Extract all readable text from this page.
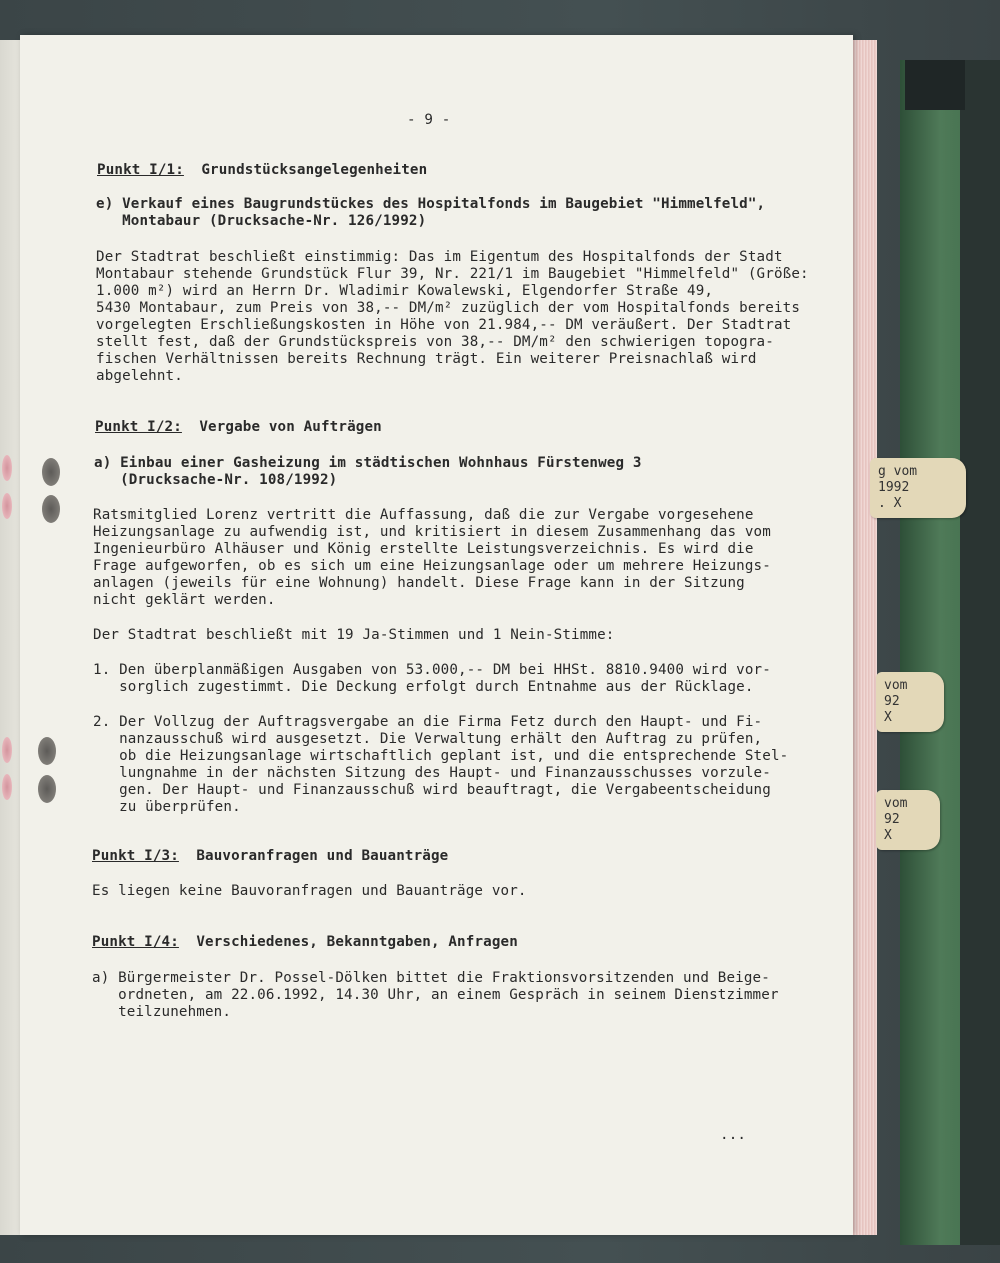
g vom
1992
. X
vom
92
X
vom
92
X
- 9 -
Punkt I/1: Grundstücksangelegenheiten
e) Verkauf eines Baugrundstückes des Hospitalfonds im Baugebiet "Himmelfeld",
Montabaur (Drucksache-Nr. 126/1992)
Der Stadtrat beschließt einstimmig: Das im Eigentum des Hospitalfonds der Stadt
Montabaur stehende Grundstück Flur 39, Nr. 221/1 im Baugebiet "Himmelfeld" (Größe:
1.000 m²) wird an Herrn Dr. Wladimir Kowalewski, Elgendorfer Straße 49,
5430 Montabaur, zum Preis von 38,-- DM/m² zuzüglich der vom Hospitalfonds bereits
vorgelegten Erschließungskosten in Höhe von 21.984,-- DM veräußert. Der Stadtrat
stellt fest, daß der Grundstückspreis von 38,-- DM/m² den schwierigen topogra-
fischen Verhältnissen bereits Rechnung trägt. Ein weiterer Preisnachlaß wird
abgelehnt.
Punkt I/2: Vergabe von Aufträgen
a) Einbau einer Gasheizung im städtischen Wohnhaus Fürstenweg 3
(Drucksache-Nr. 108/1992)
Ratsmitglied Lorenz vertritt die Auffassung, daß die zur Vergabe vorgesehene
Heizungsanlage zu aufwendig ist, und kritisiert in diesem Zusammenhang das vom
Ingenieurbüro Alhäuser und König erstellte Leistungsverzeichnis. Es wird die
Frage aufgeworfen, ob es sich um eine Heizungsanlage oder um mehrere Heizungs-
anlagen (jeweils für eine Wohnung) handelt. Diese Frage kann in der Sitzung
nicht geklärt werden.
Der Stadtrat beschließt mit 19 Ja-Stimmen und 1 Nein-Stimme:
1. Den überplanmäßigen Ausgaben von 53.000,-- DM bei HHSt. 8810.9400 wird vor-
sorglich zugestimmt. Die Deckung erfolgt durch Entnahme aus der Rücklage.
2. Der Vollzug der Auftragsvergabe an die Firma Fetz durch den Haupt- und Fi-
nanzausschuß wird ausgesetzt. Die Verwaltung erhält den Auftrag zu prüfen,
ob die Heizungsanlage wirtschaftlich geplant ist, und die entsprechende Stel-
lungnahme in der nächsten Sitzung des Haupt- und Finanzausschusses vorzule-
gen. Der Haupt- und Finanzausschuß wird beauftragt, die Vergabeentscheidung
zu überprüfen.
Punkt I/3: Bauvoranfragen und Bauanträge
Es liegen keine Bauvoranfragen und Bauanträge vor.
Punkt I/4: Verschiedenes, Bekanntgaben, Anfragen
a) Bürgermeister Dr. Possel-Dölken bittet die Fraktionsvorsitzenden und Beige-
ordneten, am 22.06.1992, 14.30 Uhr, an einem Gespräch in seinem Dienstzimmer
teilzunehmen.
...
